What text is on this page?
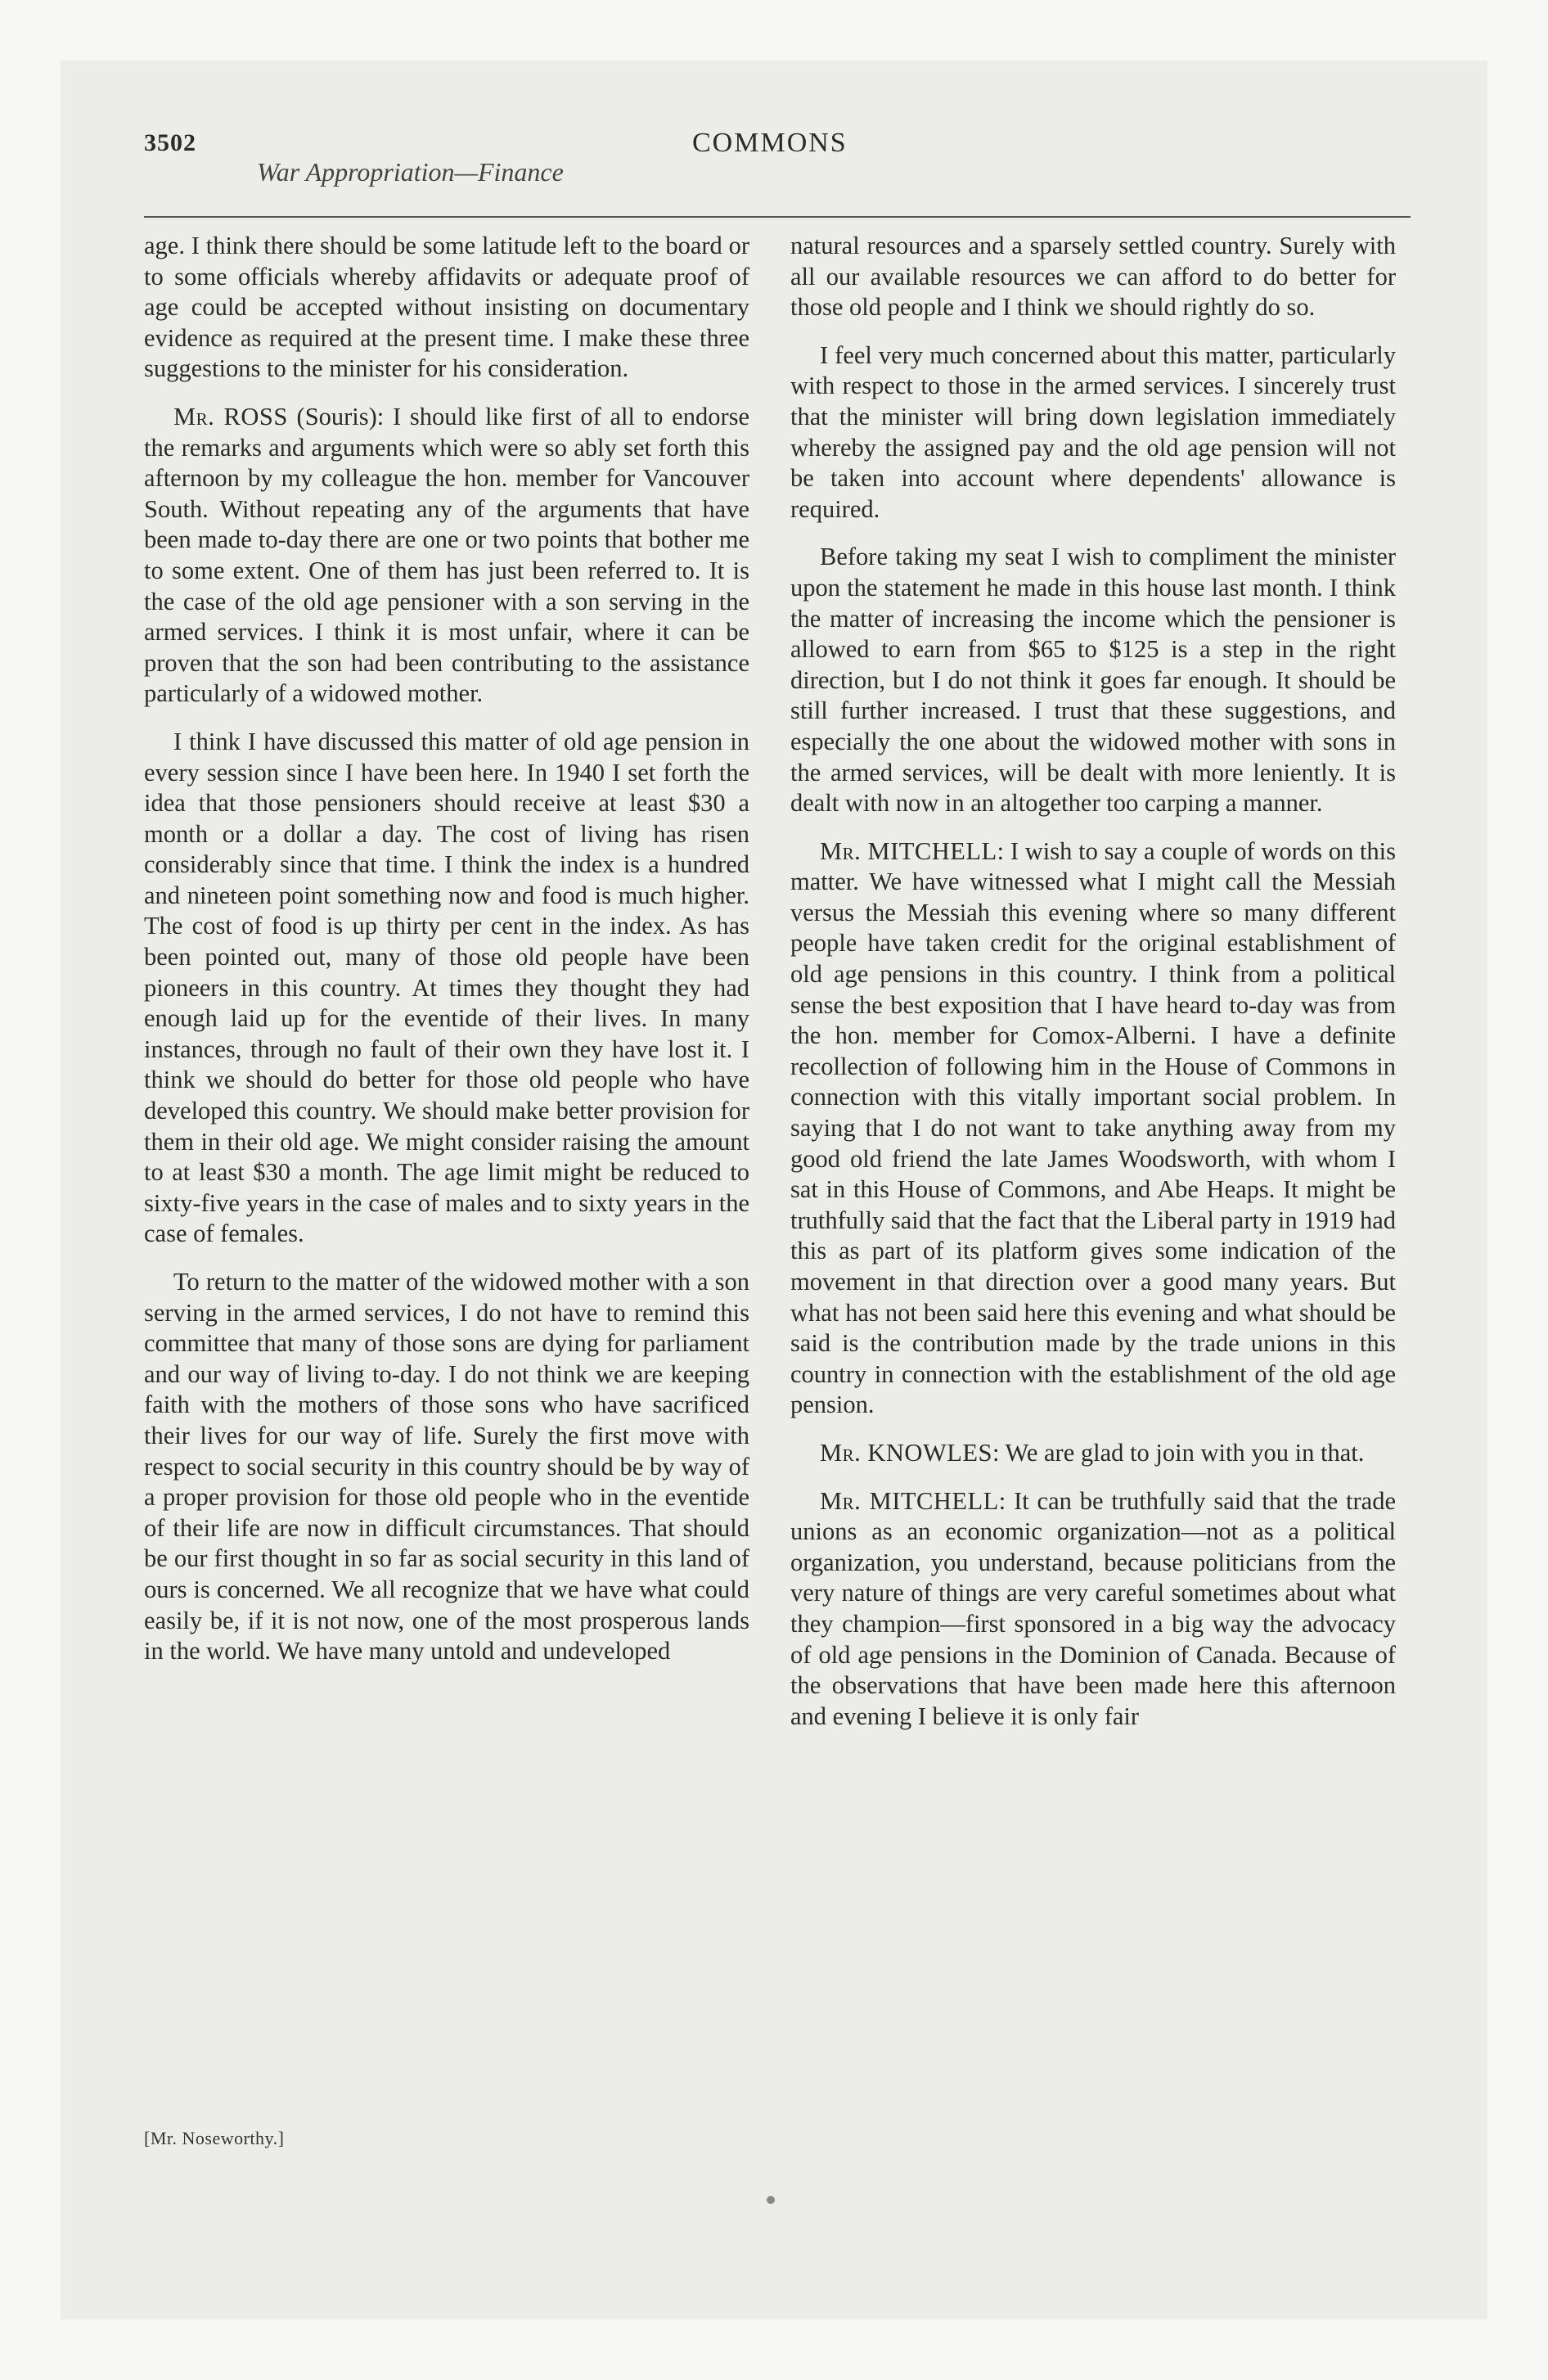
3502
War Appropriation—Finance
COMMONS

age. I think there should be some latitude left to the board or to some officials whereby affidavits or adequate proof of age could be accepted without insisting on documentary evidence as required at the present time. I make these three suggestions to the minister for his consideration.

Mr. ROSS (Souris): I should like first of all to endorse the remarks and arguments which were so ably set forth this afternoon by my colleague the hon. member for Vancouver South. Without repeating any of the arguments that have been made to-day there are one or two points that bother me to some extent. One of them has just been referred to. It is the case of the old age pensioner with a son serving in the armed services. I think it is most unfair, where it can be proven that the son had been contributing to the assistance particularly of a widowed mother.

I think I have discussed this matter of old age pension in every session since I have been here. In 1940 I set forth the idea that those pensioners should receive at least $30 a month or a dollar a day. The cost of living has risen considerably since that time. I think the index is a hundred and nineteen point something now and food is much higher. The cost of food is up thirty per cent in the index. As has been pointed out, many of those old people have been pioneers in this country. At times they thought they had enough laid up for the eventide of their lives. In many instances, through no fault of their own they have lost it. I think we should do better for those old people who have developed this country. We should make better provision for them in their old age. We might consider raising the amount to at least $30 a month. The age limit might be reduced to sixty-five years in the case of males and to sixty years in the case of females.

To return to the matter of the widowed mother with a son serving in the armed services, I do not have to remind this committee that many of those sons are dying for parliament and our way of living to-day. I do not think we are keeping faith with the mothers of those sons who have sacrificed their lives for our way of life. Surely the first move with respect to social security in this country should be by way of a proper provision for those old people who in the eventide of their life are now in difficult circumstances. That should be our first thought in so far as social security in this land of ours is concerned. We all recognize that we have what could easily be, if it is not now, one of the most prosperous lands in the world. We have many untold and undeveloped

natural resources and a sparsely settled country. Surely with all our available resources we can afford to do better for those old people and I think we should rightly do so.

I feel very much concerned about this matter, particularly with respect to those in the armed services. I sincerely trust that the minister will bring down legislation immediately whereby the assigned pay and the old age pension will not be taken into account where dependents' allowance is required.

Before taking my seat I wish to compliment the minister upon the statement he made in this house last month. I think the matter of increasing the income which the pensioner is allowed to earn from $65 to $125 is a step in the right direction, but I do not think it goes far enough. It should be still further increased. I trust that these suggestions, and especially the one about the widowed mother with sons in the armed services, will be dealt with more leniently. It is dealt with now in an altogether too carping a manner.

Mr. MITCHELL: I wish to say a couple of words on this matter. We have witnessed what I might call the Messiah versus the Messiah this evening where so many different people have taken credit for the original establishment of old age pensions in this country. I think from a political sense the best exposition that I have heard to-day was from the hon. member for Comox-Alberni. I have a definite recollection of following him in the House of Commons in connection with this vitally important social problem. In saying that I do not want to take anything away from my good old friend the late James Woodsworth, with whom I sat in this House of Commons, and Abe Heaps. It might be truthfully said that the fact that the Liberal party in 1919 had this as part of its platform gives some indication of the movement in that direction over a good many years. But what has not been said here this evening and what should be said is the contribution made by the trade unions in this country in connection with the establishment of the old age pension.

Mr. KNOWLES: We are glad to join with you in that.

Mr. MITCHELL: It can be truthfully said that the trade unions as an economic organization—not as a political organization, you understand, because politicians from the very nature of things are very careful sometimes about what they champion—first sponsored in a big way the advocacy of old age pensions in the Dominion of Canada. Because of the observations that have been made here this afternoon and evening I believe it is only fair

[Mr. Noseworthy.]
